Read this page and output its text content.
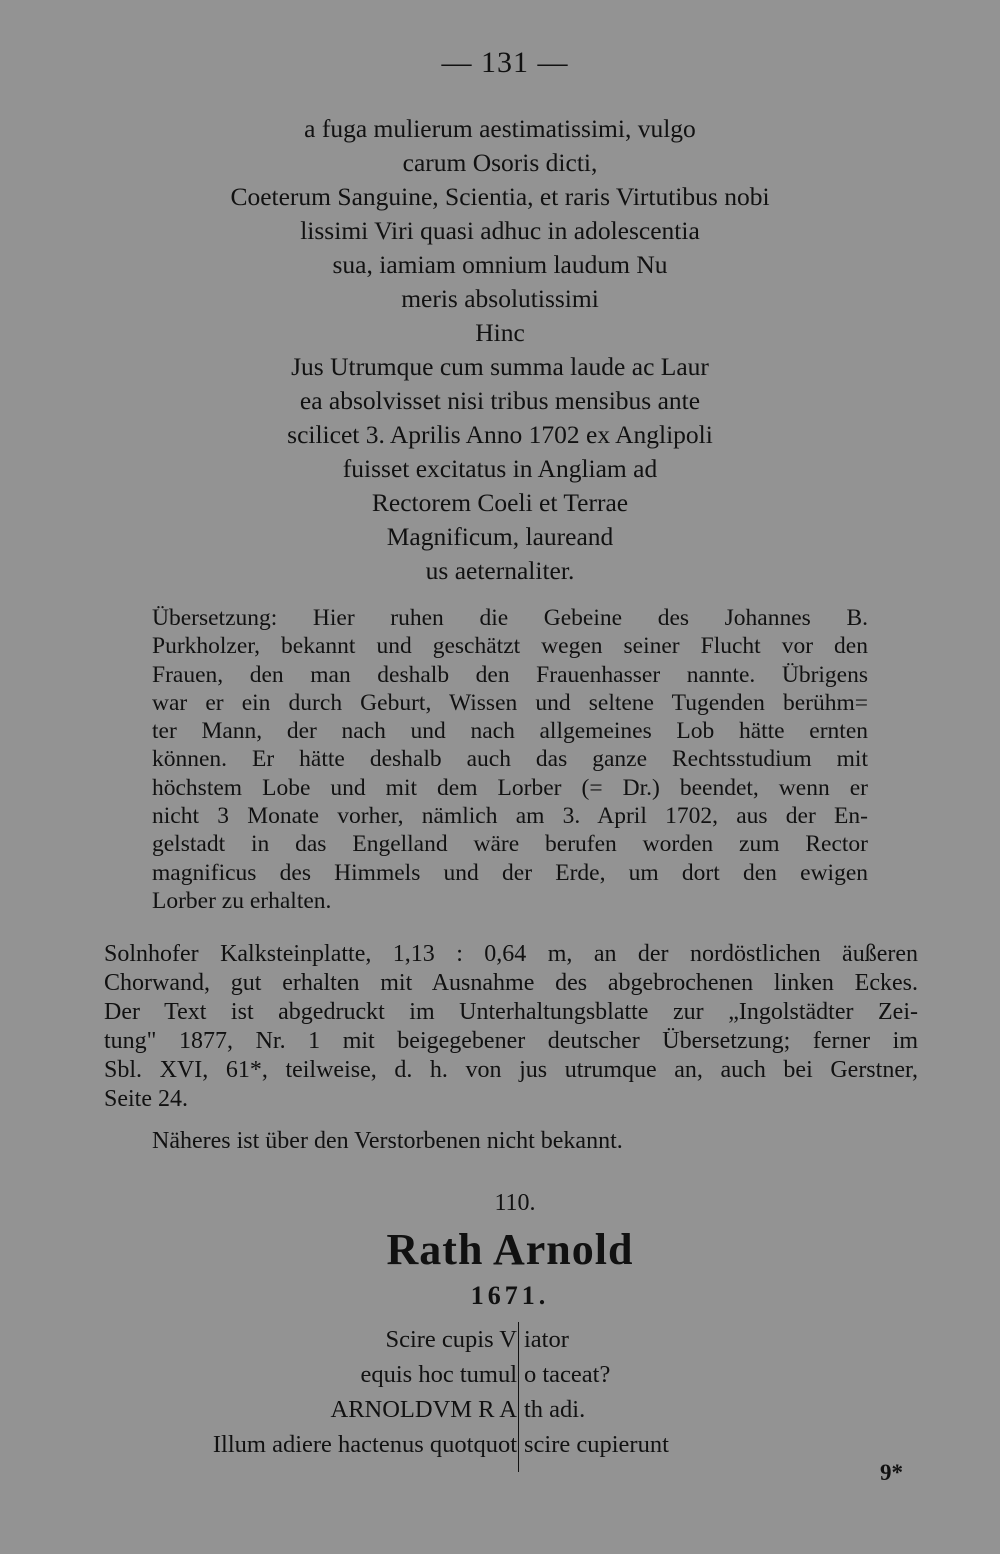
— 131 —
a fuga mulierum aestimatissimi, vulgo
carum Osoris dicti,
Coeterum Sanguine, Scientia, et raris Virtutibus nobi
lissimi Viri quasi adhuc in adolescentia
sua, iamiam omnium laudum Nu
meris absolutissimi
Hinc
Jus Utrumque cum summa laude ac Laur
ea absolvisset nisi tribus mensibus ante
scilicet 3. Aprilis Anno 1702 ex Anglipoli
fuisset excitatus in Angliam ad
Rectorem Coeli et Terrae
Magnificum, laureand
us aeternaliter.
Übersetzung: Hier ruhen die Gebeine des Johannes B.
Purkholzer, bekannt und geschätzt wegen seiner Flucht vor den
Frauen, den man deshalb den Frauenhasser nannte. Übrigens
war er ein durch Geburt, Wissen und seltene Tugenden berühm=
ter Mann, der nach und nach allgemeines Lob hätte ernten
können. Er hätte deshalb auch das ganze Rechtsstudium mit
höchstem Lobe und mit dem Lorber (= Dr.) beendet, wenn er
nicht 3 Monate vorher, nämlich am 3. April 1702, aus der En-
gelstadt in das Engelland wäre berufen worden zum Rector
magnificus des Himmels und der Erde, um dort den ewigen
Lorber zu erhalten.
Solnhofer Kalksteinplatte, 1,13 : 0,64 m, an der nordöstlichen äußeren
Chorwand, gut erhalten mit Ausnahme des abgebrochenen linken Eckes.
Der Text ist abgedruckt im Unterhaltungsblatte zur „Ingolstädter Zei-
tung" 1877, Nr. 1 mit beigegebener deutscher Übersetzung; ferner im
Sbl. XVI, 61*, teilweise, d. h. von jus utrumque an, auch bei Gerstner,
Seite 24.
Näheres ist über den Verstorbenen nicht bekannt.
110.
Rath Arnold
1671.
Scire cupis V
equis hoc tumul
ARNOLDVM R A
Illum adiere hactenus quotquot
iator
o taceat?
th adi.
scire cupierunt
9*
